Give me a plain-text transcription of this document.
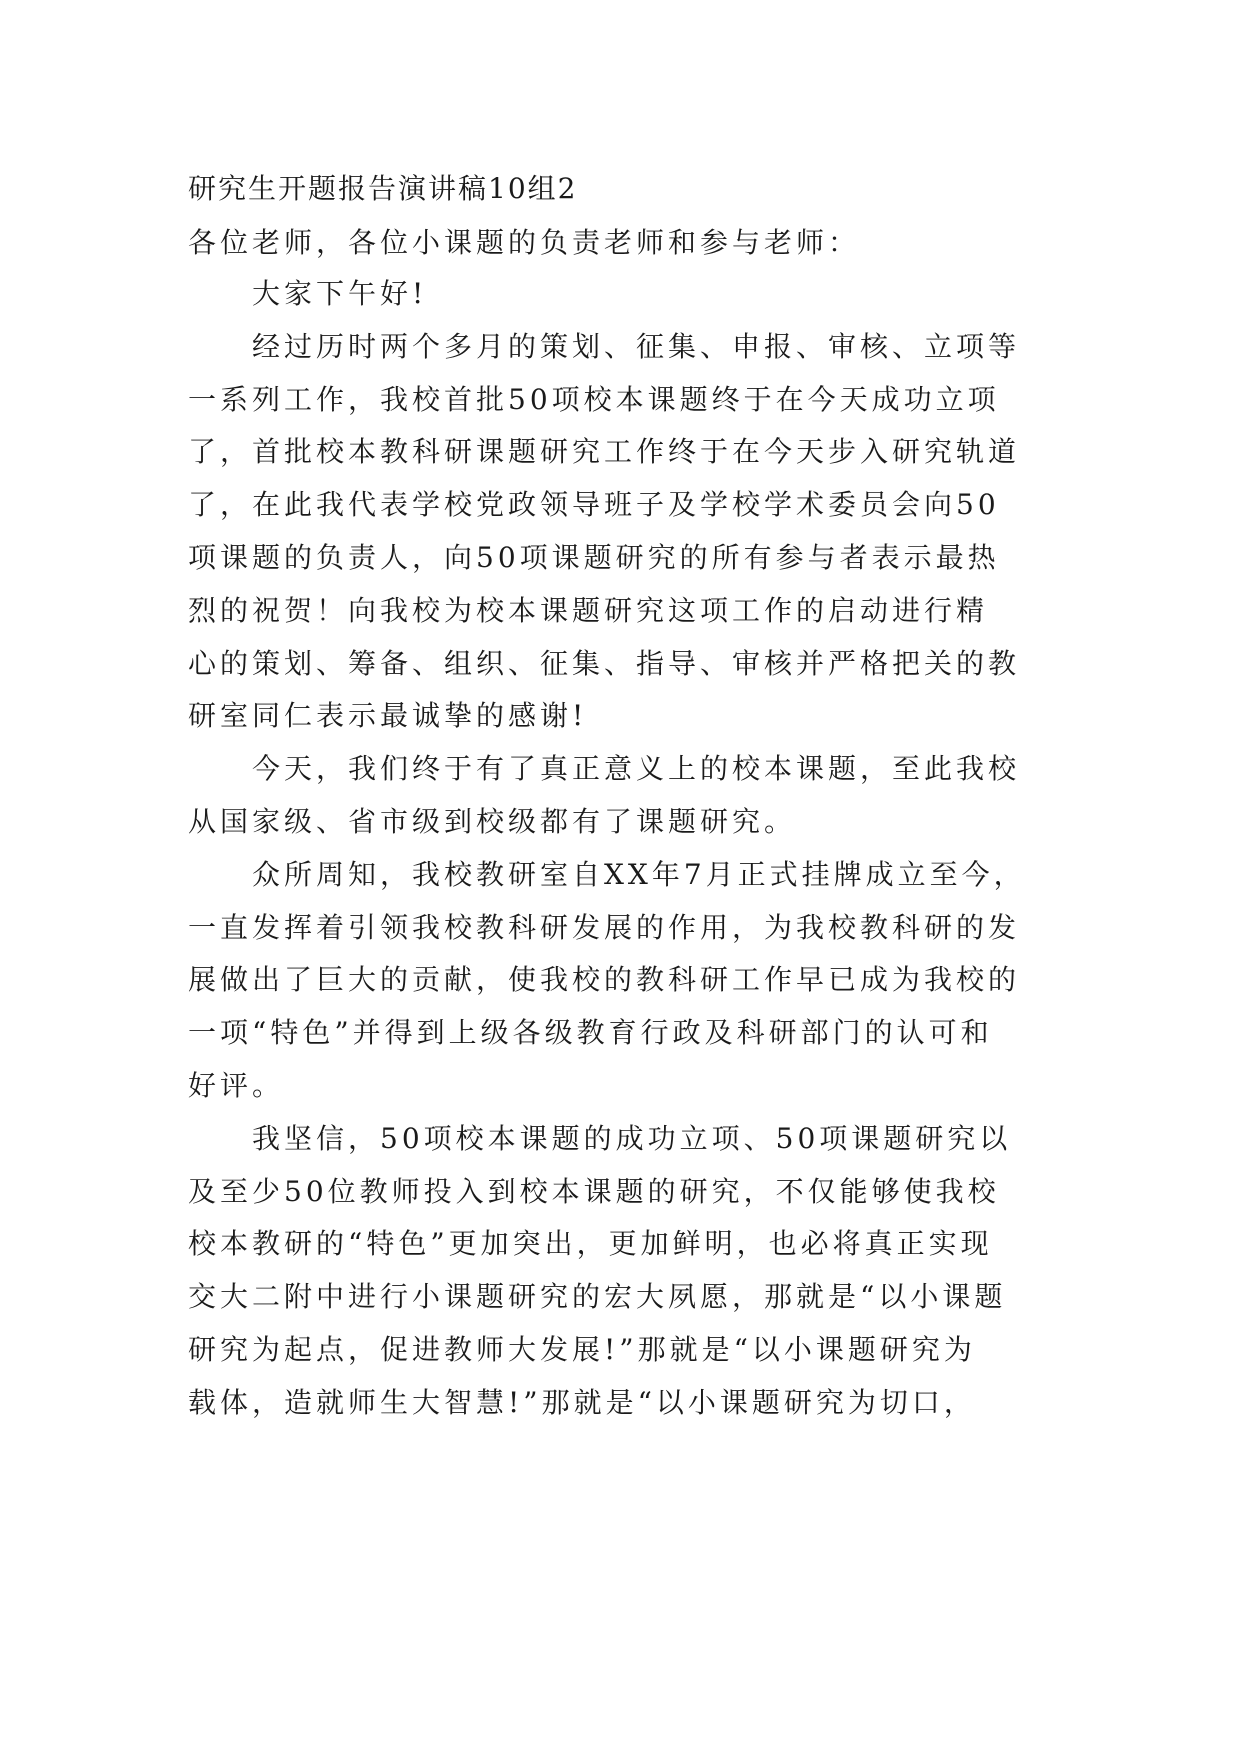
研究生开题报告演讲稿10组2
各位老师，各位小课题的负责老师和参与老师：
大家下午好!
经过历时两个多月的策划、征集、申报、审核、立项等
一系列工作，我校首批50项校本课题终于在今天成功立项
了，首批校本教科研课题研究工作终于在今天步入研究轨道
了，在此我代表学校党政领导班子及学校学术委员会向50
项课题的负责人，向50项课题研究的所有参与者表示最热
烈的祝贺！向我校为校本课题研究这项工作的启动进行精
心的策划、筹备、组织、征集、指导、审核并严格把关的教
研室同仁表示最诚挚的感谢!
今天，我们终于有了真正意义上的校本课题，至此我校
从国家级、省市级到校级都有了课题研究。
众所周知，我校教研室自XX年7月正式挂牌成立至今，
一直发挥着引领我校教科研发展的作用，为我校教科研的发
展做出了巨大的贡献，使我校的教科研工作早已成为我校的
一项“特色”并得到上级各级教育行政及科研部门的认可和
好评。
我坚信，50项校本课题的成功立项、50项课题研究以
及至少50位教师投入到校本课题的研究，不仅能够使我校
校本教研的“特色”更加突出，更加鲜明，也必将真正实现
交大二附中进行小课题研究的宏大夙愿，那就是“以小课题
研究为起点，促进教师大发展!”那就是“以小课题研究为
载体，造就师生大智慧!”那就是“以小课题研究为切口，
